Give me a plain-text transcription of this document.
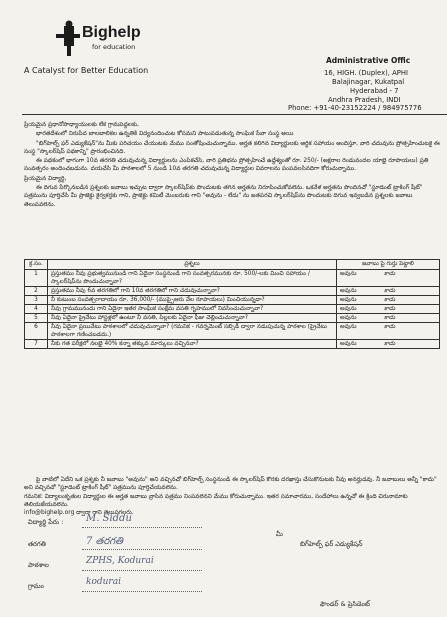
Bighelp
for education
A Catalyst for Better Education
Administrative Offic
16, HIGH. (Duplex), APHI
Balajinagar, Kukatpal
Hyderabad - 7
Andhra Pradesh, INDI
Phone: +91-40-23152224 / 984975776

ప్రియమైన ప్రధానోపాధ్యాయులకు లేక గ్రామపెద్దలకు,

భారతదేశంలో నిరుపేద బాలబాలికల ఉన్నతికి విద్యనందించుట కోసమని పాటుపడుతున్న సాంఘిక సేవా సంస్థ అయి

"బిగ్‌హెల్ప్ ఫర్ ఎడ్యుకేషన్"ను మీకు పరిచయం చేయుటకు మేము సంతోషించుచున్నాము. అర్హత కలిగిన విద్యార్థులకు ఆర్థిక సహాయం అందిస్తూ, వారి చదువును ప్రోత్సహించుటకై ఈ సంస్థ "స్కాలర్‌షిప్ పథకాన్ని" ప్రారంభించినది.

ఈ పథకంలో భాగంగా 10వ తరగతి చదువుచున్న విద్యార్థులను ఎంపికచేసి, వారి ప్రతిభను ప్రోత్సహించే ఉద్దేశ్యంతో రూ. 250/- (అక్షరాల రెండువందల యాభై రూపాయలు) ప్రతి సంవత్సరం అందించబడును. దయచేసి మీ పాఠశాలలో 5 నుండి 10వ తరగతి చదువుచున్న విద్యార్థుల వివరాలను పంపవలసినదిగా కోరుచున్నాము.

ప్రియమైన విద్యార్థి,

ఈ దిగువ పేర్కొనబడిన ప్రశ్నలకు జవాబు ఇచ్చుట ద్వారా స్కాలర్‌షిప్‌కు పొందుటకు తగిన అర్హతను నిరూపించుకోవలెను. ఒకవేళ అర్హతను పొందినచో "స్టూడెంట్ ట్రాకింగ్ షీట్" పత్రమును పూర్తిచేసి మీ ప్రాజెక్టు కైర్వకర్తకు గాని, ప్రాజెక్టు కమిటీ మెంబరుకు గాని "అవును - లేదు" ను జతపరచి స్కాలర్‌షిప్‌ను పొందుటకు దిగువ ఇవ్వబడిన ప్రశ్నలకు జవాబు తెలుపవలెను.

క్ర.సం.	ప్రశ్నలు	జవాబు పై గుర్తు పెట్టాలి
1	ప్రస్తుతము నీవు ప్రభుత్వమునుండి గాని ఏదైనా సంస్థనుండి గాని సంవత్సరమునకు రూ. 500/-లకు మించి సహాయం / స్కాలర్‌షిప్‌ను పొందుచున్నావా?	అవును కాదు
2	ప్రస్తుతము నీవు 6వ తరగతిలో గాని 10వ తరగతిలో గాని చదువుచున్నావా?	అవును కాదు
3	నీ కుటుంబ సంవత్సరాదాయం రూ. 36,000/- (ముప్పైఆరు వేల రూపాయలు) మించియున్నదా?	అవును కాదు
4	నీవు గ్రామమునందు గాని ఏదైనా ఇతర సాంఘిక సంక్షేమ వసతి గృహములో నివసించుచున్నావా?	అవును కాదు
5	నీవు ఏదైనా ప్రైవేటు హాస్టళ్లలో ఉంటూ నీ వసతి, పిల్లలకు ఏదైనా ఫీజు చెల్లించుచున్నావా?	అవును కాదు
6	నీవు ఏదైనా ప్రయివేటు పాఠశాలలో చదువుచున్నావా? (గమనిక - గవర్నమెంట్ సబ్సిడీ ద్వారా నడుపుచున్న పాఠశాల (ప్రైవేటు పాఠశాలగా గణించబడదు.)	అవును కాదు
7	నీకు గత పరీక్షలో నలభై 40% కన్నా తక్కువ మార్కులు వచ్చినవా?	అవును కాదు

పై వాటిలో ఏదేని ఒక ప్రశ్నకు నీ జవాబు "అవును" అని వచ్చినచో బిగ్‌హెల్ప్ సంస్థనుండి ఈ స్కాలర్‌షిప్ కొరకు దరఖాస్తు చేసుకొనుటకు నీవు అనర్హుడవు. నీ జవాబులు అన్నీ "కాదు" అని వచ్చినచో "స్టూడెంట్ ట్రాకింగ్ షీట్" పత్రమును పూర్తిచేయవలెను.

గమనిక: విద్యాలంకృతుల విద్యార్థుల ఈ అర్హత జవాబు వ్రాసిన పత్రము నింపవలెనని మేము కోరుచున్నాము. ఇతర సమాచారము, సందేహాలు ఉన్నచో ఈ క్రింది చిరునామాకు తెలియజేయవలెను.

info@bighelp.org ద్వారా గాని తెలుపగలరు.

విద్యార్థి పేరు : M. Siddu
తరగతి	7 తరగతి
పాఠశాల	ZPHS, Kodurai
గ్రామం	kodurai
మీ
బిగ్‌హెల్ప్ ఫర్ ఎడ్యుకేషన్
ఫౌండర్ & ప్రెసిడెంట్
